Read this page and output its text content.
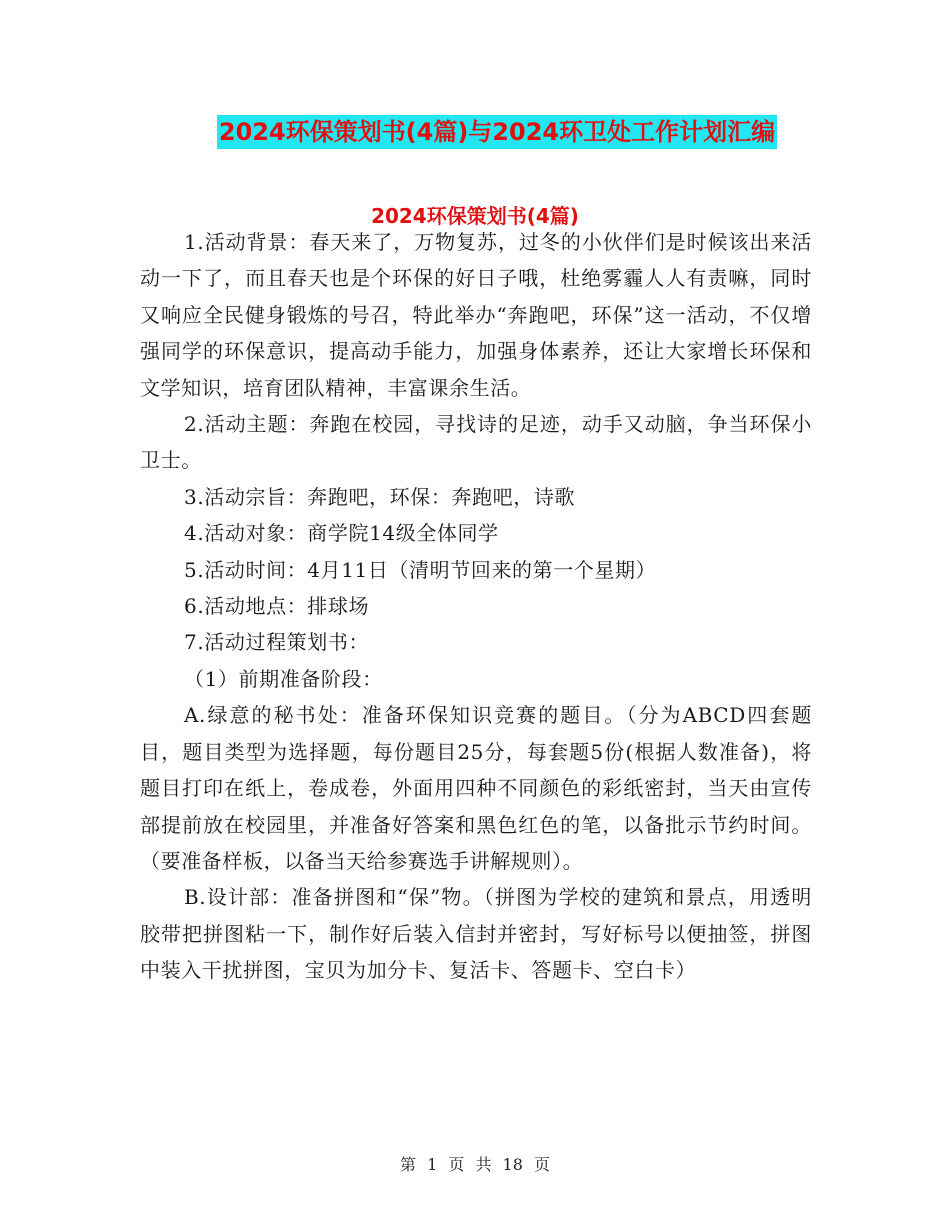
2024环保策划书(4篇)与2024环卫处工作计划汇编
2024环保策划书(4篇)

1.活动背景：春天来了，万物复苏，过冬的小伙伴们是时候该出来活动一下了，而且春天也是个环保的好日子哦，杜绝雾霾人人有责嘛，同时又响应全民健身锻炼的号召，特此举办“奔跑吧，环保”这一活动，不仅增强同学的环保意识，提高动手能力，加强身体素养，还让大家增长环保和文学知识，培育团队精神，丰富课余生活。

2.活动主题：奔跑在校园，寻找诗的足迹，动手又动脑，争当环保小卫士。

3.活动宗旨：奔跑吧，环保：奔跑吧，诗歌

4.活动对象：商学院14级全体同学

5.活动时间：4月11日（清明节回来的第一个星期）

6.活动地点：排球场

7.活动过程策划书：

（1）前期准备阶段：

A.绿意的秘书处：准备环保知识竞赛的题目。（分为ABCD四套题目，题目类型为选择题，每份题目25分，每套题5份(根据人数准备)，将题目打印在纸上，卷成卷，外面用四种不同颜色的彩纸密封，当天由宣传部提前放在校园里，并准备好答案和黑色红色的笔，以备批示节约时间。（要准备样板，以备当天给参赛选手讲解规则）。

B.设计部：准备拼图和“保”物。（拼图为学校的建筑和景点，用透明胶带把拼图粘一下，制作好后装入信封并密封，写好标号以便抽签，拼图中装入干扰拼图，宝贝为加分卡、复活卡、答题卡、空白卡）

第 1 页 共 18 页
